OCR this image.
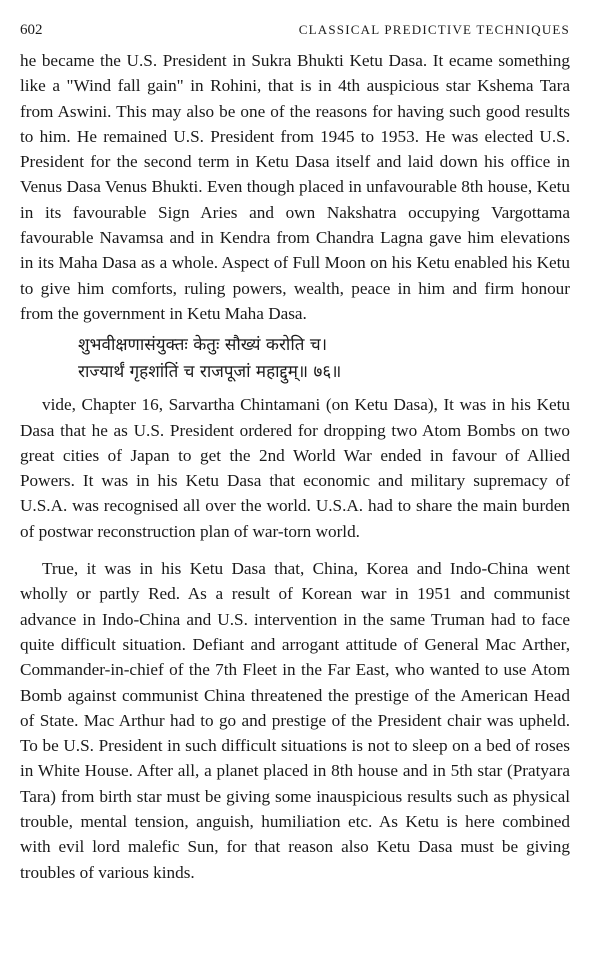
602	CLASSICAL PREDICTIVE TECHNIQUES

he became the U.S. President in Sukra Bhukti Ketu Dasa. It ecame something like a "Wind fall gain" in Rohini, that is in 4th auspicious star Kshema Tara from Aswini. This may also be one of the reasons for having such good results to him. He remained U.S. President from 1945 to 1953. He was elected U.S. President for the second term in Ketu Dasa itself and laid down his office in Venus Dasa Venus Bhukti. Even though placed in unfavourable 8th house, Ketu in its favourable Sign Aries and own Nakshatra occupying Vargottama favourable Navamsa and in Kendra from Chandra Lagna gave him elevations in its Maha Dasa as a whole. Aspect of Full Moon on his Ketu enabled his Ketu to give him comforts, ruling powers, wealth, peace in him and firm honour from the government in Ketu Maha Dasa.

शुभवीक्षणासंयुक्तः केतुः सौख्यं करोति च।
राज्यार्थं गृहशांतिं च राजपूजां महाद्दुम्॥ ७६॥

vide, Chapter 16, Sarvartha Chintamani (on Ketu Dasa), It was in his Ketu Dasa that he as U.S. President ordered for dropping two Atom Bombs on two great cities of Japan to get the 2nd World War ended in favour of Allied Powers. It was in his Ketu Dasa that economic and military supremacy of U.S.A. was recognised all over the world. U.S.A. had to share the main burden of postwar reconstruction plan of war-torn world.

True, it was in his Ketu Dasa that, China, Korea and Indo-China went wholly or partly Red. As a result of Korean war in 1951 and communist advance in Indo-China and U.S. intervention in the same Truman had to face quite difficult situation. Defiant and arrogant attitude of General Mac Arther, Commander-in-chief of the 7th Fleet in the Far East, who wanted to use Atom Bomb against communist China threatened the prestige of the American Head of State. Mac Arthur had to go and prestige of the President chair was upheld. To be U.S. President in such difficult situations is not to sleep on a bed of roses in White House. After all, a planet placed in 8th house and in 5th star (Pratyara Tara) from birth star must be giving some inauspicious results such as physical trouble, mental tension, anguish, humiliation etc. As Ketu is here combined with evil lord malefic Sun, for that reason also Ketu Dasa must be giving troubles of various kinds.
